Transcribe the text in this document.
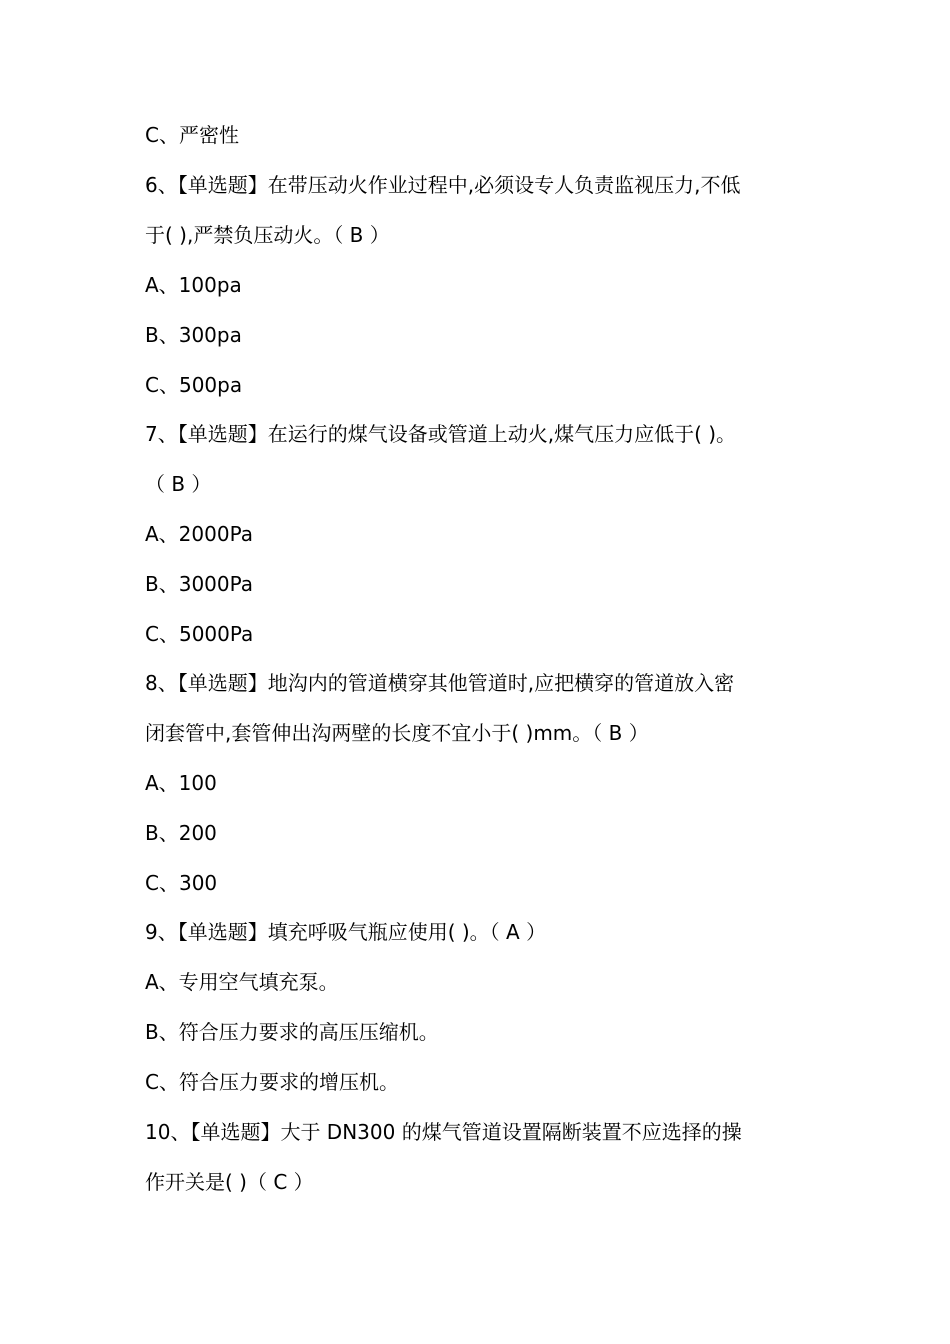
C、严密性
6、【单选题】在带压动火作业过程中,必须设专人负责监视压力,不低
于( ),严禁负压动火。（ B ）
A、100pa
B、300pa
C、500pa
7、【单选题】在运行的煤气设备或管道上动火,煤气压力应低于( )。
（ B ）
A、2000Pa
B、3000Pa
C、5000Pa
8、【单选题】地沟内的管道横穿其他管道时,应把横穿的管道放入密
闭套管中,套管伸出沟两壁的长度不宜小于( )mm。（ B ）
A、100
B、200
C、300
9、【单选题】填充呼吸气瓶应使用( )。（ A ）
A、专用空气填充泵。
B、符合压力要求的高压压缩机。
C、符合压力要求的增压机。
10、【单选题】大于 DN300 的煤气管道设置隔断装置不应选择的操
作开关是( )（ C ）
